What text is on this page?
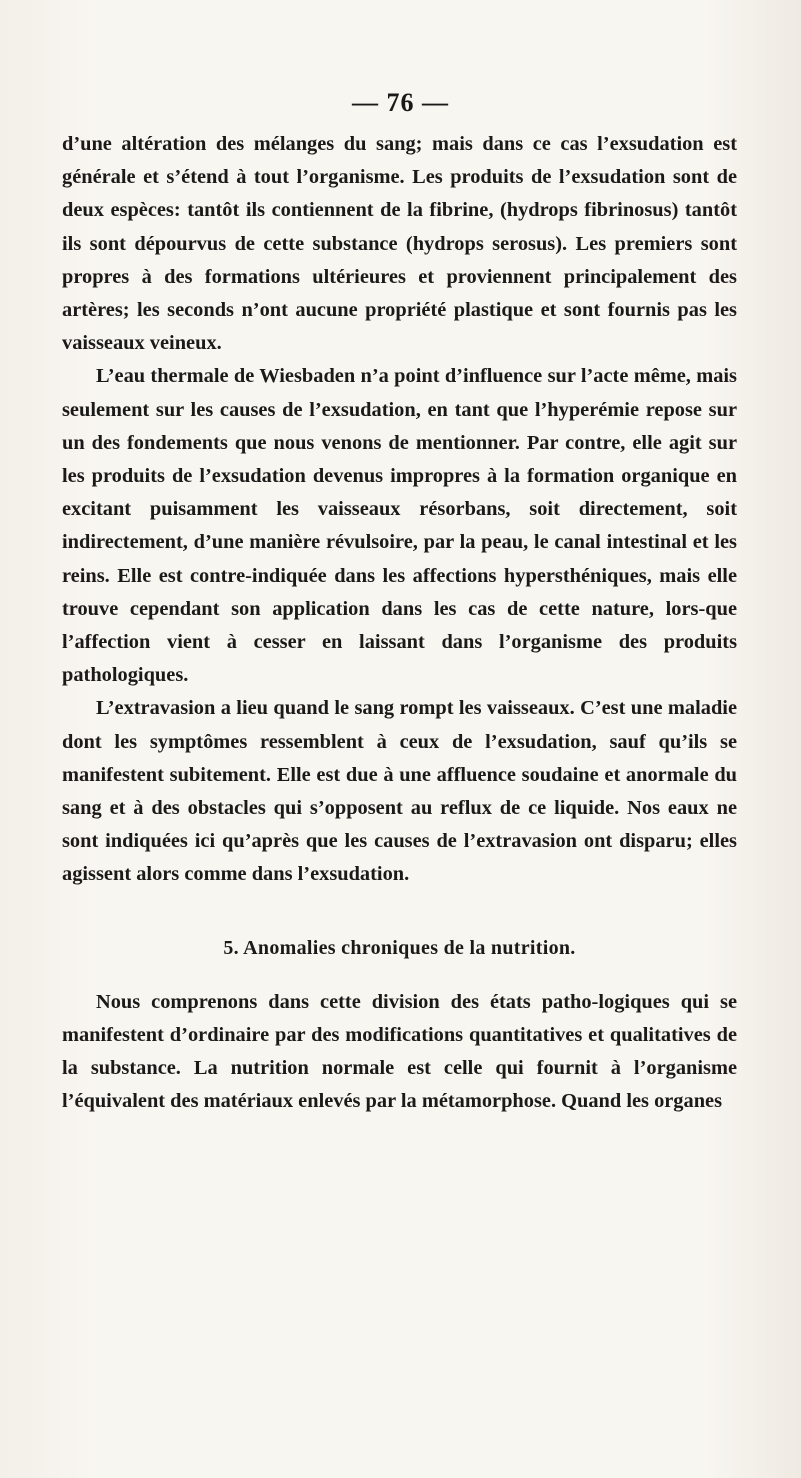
— 76 —

d’une altération des mélanges du sang; mais dans ce cas l’exsudation est générale et s’étend à tout l’organisme. Les produits de l’exsudation sont de deux espèces: tantôt ils contiennent de la fibrine, (hydrops fibrinosus) tantôt ils sont dépourvus de cette substance (hydrops serosus). Les premiers sont propres à des formations ultérieures et proviennent principalement des artères; les seconds n’ont aucune propriété plastique et sont fournis pas les vaisseaux veineux.

L’eau thermale de Wiesbaden n’a point d’influence sur l’acte même, mais seulement sur les causes de l’exsudation, en tant que l’hyperémie repose sur un des fondements que nous venons de mentionner. Par contre, elle agit sur les produits de l’exsudation devenus impropres à la formation organique en excitant puisamment les vaisseaux résorbans, soit directement, soit indirectement, d’une manière révulsoire, par la peau, le canal intestinal et les reins. Elle est contre-indiquée dans les affections hypersthéniques, mais elle trouve cependant son application dans les cas de cette nature, lors-que l’affection vient à cesser en laissant dans l’organisme des produits pathologiques.

L’extravasion a lieu quand le sang rompt les vaisseaux. C’est une maladie dont les symptômes ressemblent à ceux de l’exsudation, sauf qu’ils se manifestent subitement. Elle est due à une affluence soudaine et anormale du sang et à des obstacles qui s’opposent au reflux de ce liquide. Nos eaux ne sont indiquées ici qu’après que les causes de l’extravasion ont disparu; elles agissent alors comme dans l’exsudation.

5. Anomalies chroniques de la nutrition.

Nous comprenons dans cette division des états patho-logiques qui se manifestent d’ordinaire par des modifications quantitatives et qualitatives de la substance. La nutrition normale est celle qui fournit à l’organisme l’équivalent des matériaux enlevés par la métamorphose. Quand les organes
